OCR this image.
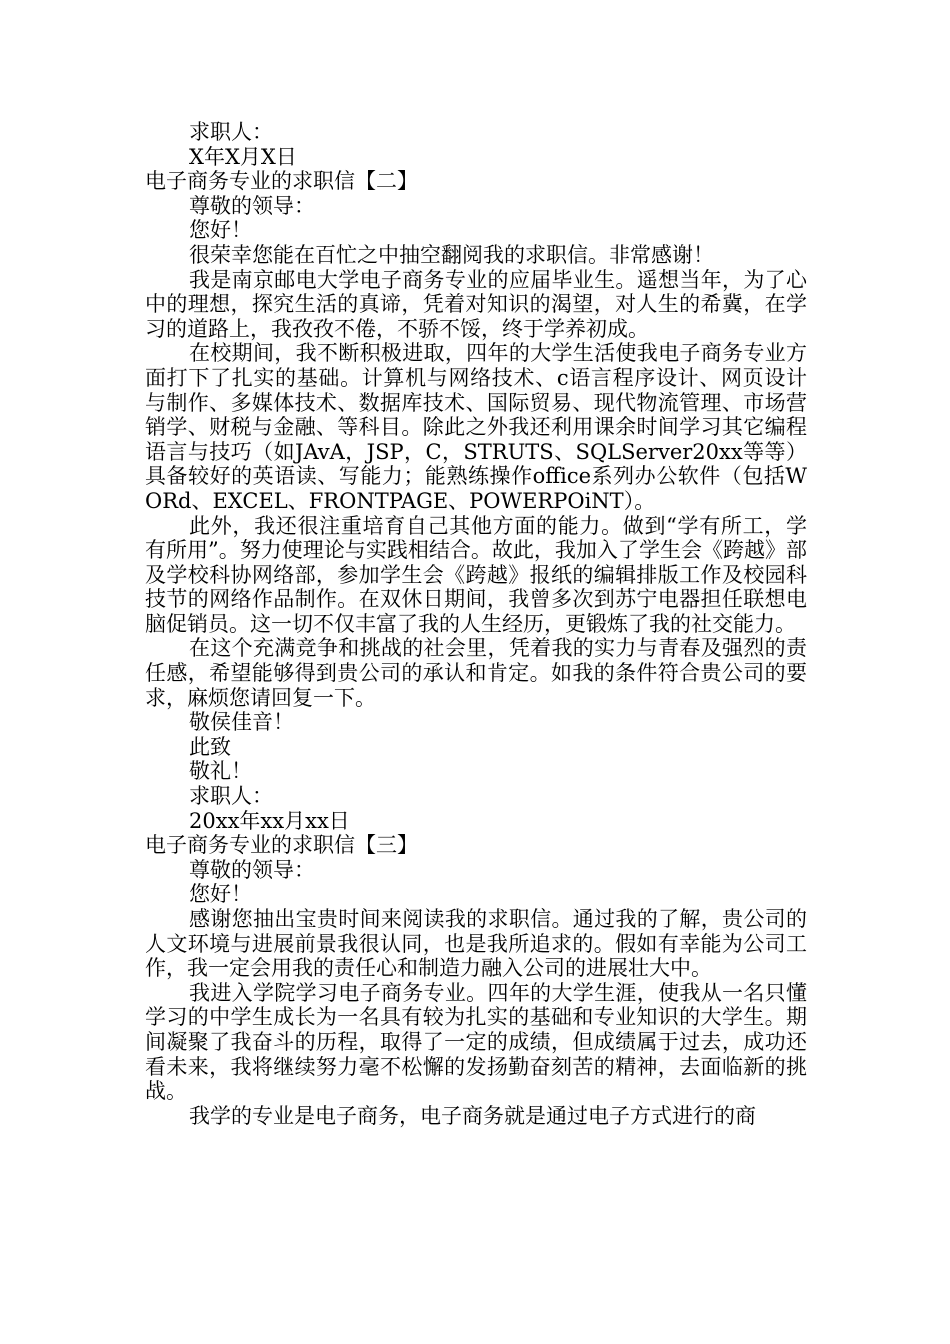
求职人：

X年X月X日

电子商务专业的求职信【二】

尊敬的领导：

您好！

很荣幸您能在百忙之中抽空翻阅我的求职信。非常感谢！

我是南京邮电大学电子商务专业的应届毕业生。遥想当年，为了心中的理想，探究生活的真谛，凭着对知识的渴望，对人生的希冀，在学习的道路上，我孜孜不倦，不骄不馁，终于学养初成。

在校期间，我不断积极进取，四年的大学生活使我电子商务专业方面打下了扎实的基础。计算机与网络技术、c语言程序设计、网页设计与制作、多媒体技术、数据库技术、国际贸易、现代物流管理、市场营销学、财税与金融、等科目。除此之外我还利用课余时间学习其它编程语言与技巧（如JAvA，JSP，C，STRUTS、SQLServer20xx等等）具备较好的英语读、写能力；能熟练操作office系列办公软件（包括WORd、EXCEL、FRONTPAGE、POWERPOiNT）。

此外，我还很注重培育自己其他方面的能力。做到“学有所工，学有所用”。努力使理论与实践相结合。故此，我加入了学生会《跨越》部及学校科协网络部，参加学生会《跨越》报纸的编辑排版工作及校园科技节的网络作品制作。在双休日期间，我曾多次到苏宁电器担任联想电脑促销员。这一切不仅丰富了我的人生经历，更锻炼了我的社交能力。

在这个充满竞争和挑战的社会里，凭着我的实力与青春及强烈的责任感，希望能够得到贵公司的承认和肯定。如我的条件符合贵公司的要求，麻烦您请回复一下。

敬侯佳音！

此致

敬礼！

求职人：

20xx年xx月xx日

电子商务专业的求职信【三】

尊敬的领导：

您好！

感谢您抽出宝贵时间来阅读我的求职信。通过我的了解，贵公司的人文环境与进展前景我很认同，也是我所追求的。假如有幸能为公司工作，我一定会用我的责任心和制造力融入公司的进展壮大中。

我进入学院学习电子商务专业。四年的大学生涯，使我从一名只懂学习的中学生成长为一名具有较为扎实的基础和专业知识的大学生。期间凝聚了我奋斗的历程，取得了一定的成绩，但成绩属于过去，成功还看未来，我将继续努力毫不松懈的发扬勤奋刻苦的精神，去面临新的挑战。

我学的专业是电子商务，电子商务就是通过电子方式进行的商
